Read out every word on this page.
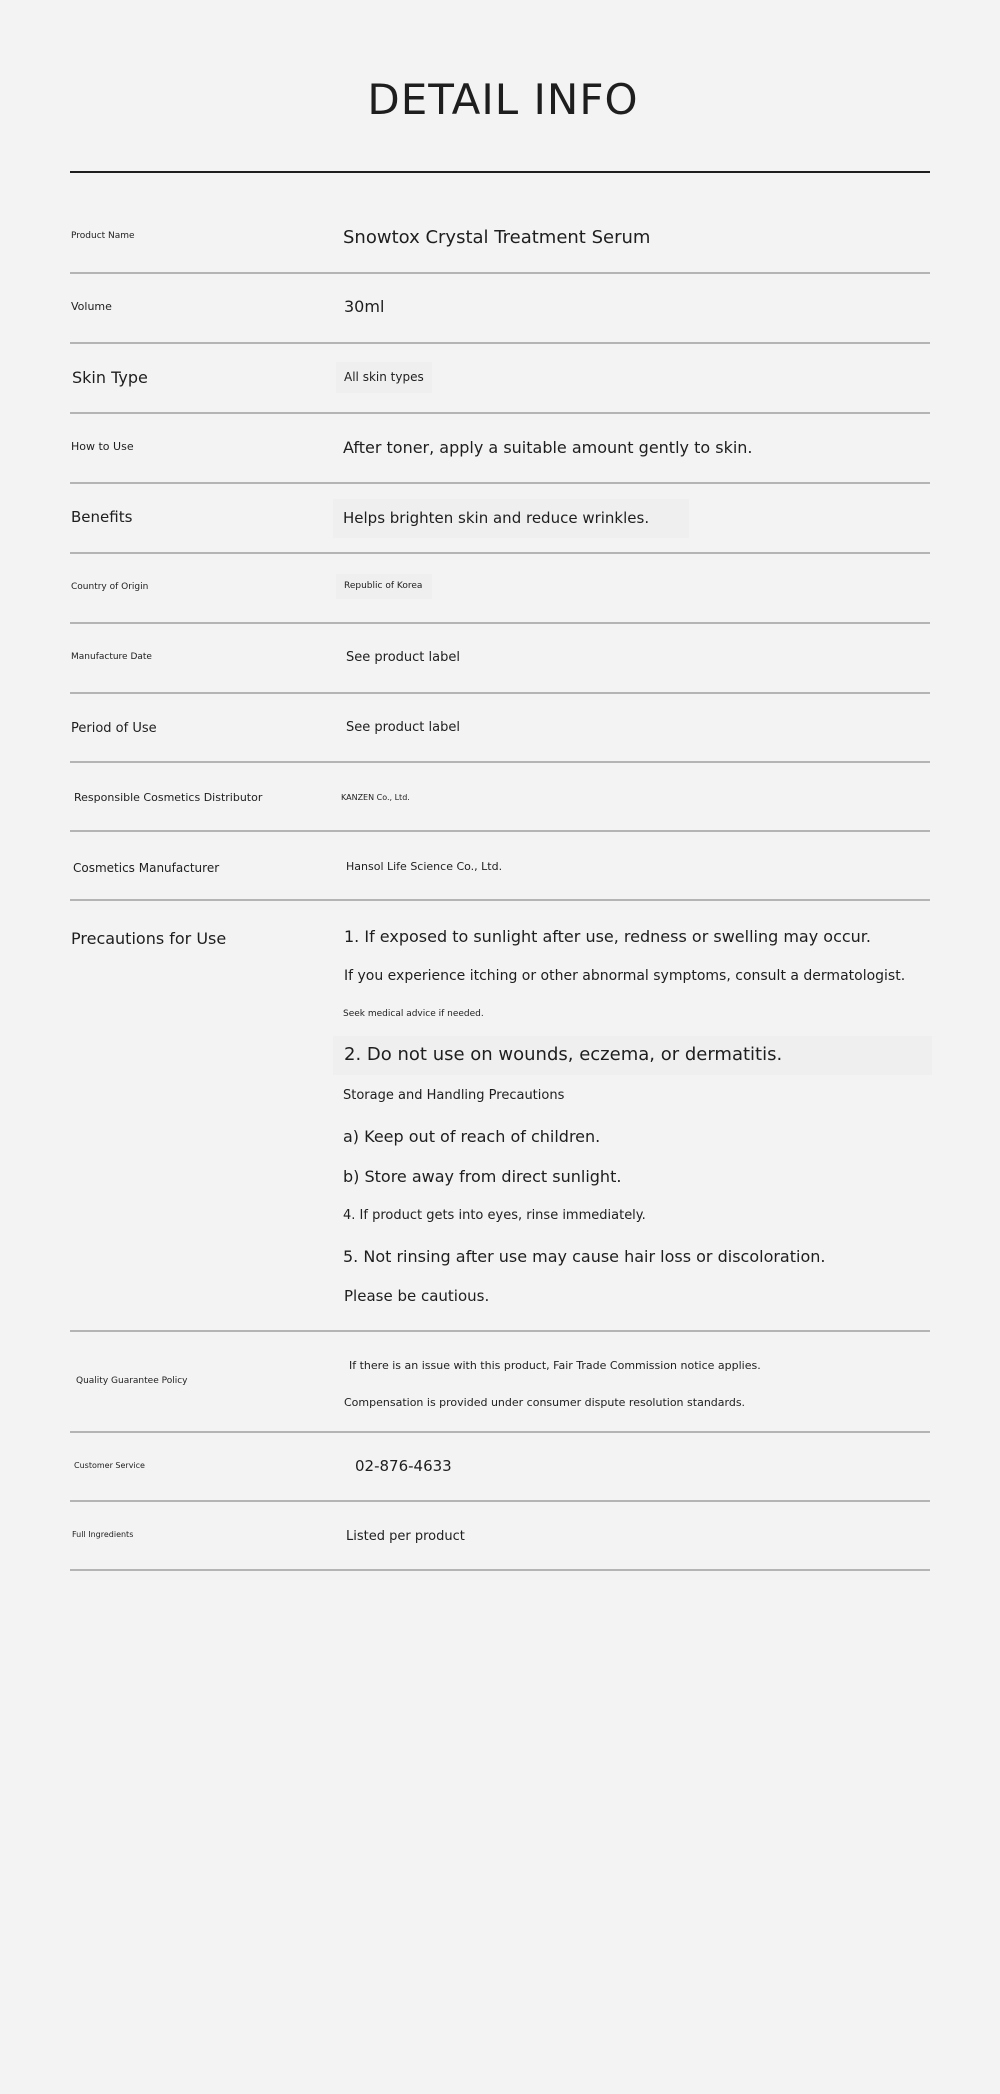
DETAIL INFO
Product Name	Snowtox Crystal Treatment Serum
Volume	30ml
Skin Type	All skin types
How to Use	After toner, apply a suitable amount gently to skin.
Benefits	Helps brighten skin and reduce wrinkles.
Country of Origin	Republic of Korea
Manufacture Date	See product label
Period of Use	See product label
Responsible Cosmetics Distributor	KANZEN Co., Ltd.
Cosmetics Manufacturer	Hansol Life Science Co., Ltd.
Precautions for Use	1. If exposed to sunlight after use, redness or swelling may occur.
If you experience itching or other abnormal symptoms, consult a dermatologist.
Seek medical advice if needed.
2. Do not use on wounds, eczema, or dermatitis.
Storage and Handling Precautions
a) Keep out of reach of children.
b) Store away from direct sunlight.
4. If product gets into eyes, rinse immediately.
5. Not rinsing after use may cause hair loss or discoloration.
Please be cautious.
Quality Guarantee Policy
If there is an issue with this product, Fair Trade Commission notice applies.
Compensation is provided under consumer dispute resolution standards.
Customer Service	02-876-4633
Full Ingredients	Listed per product
